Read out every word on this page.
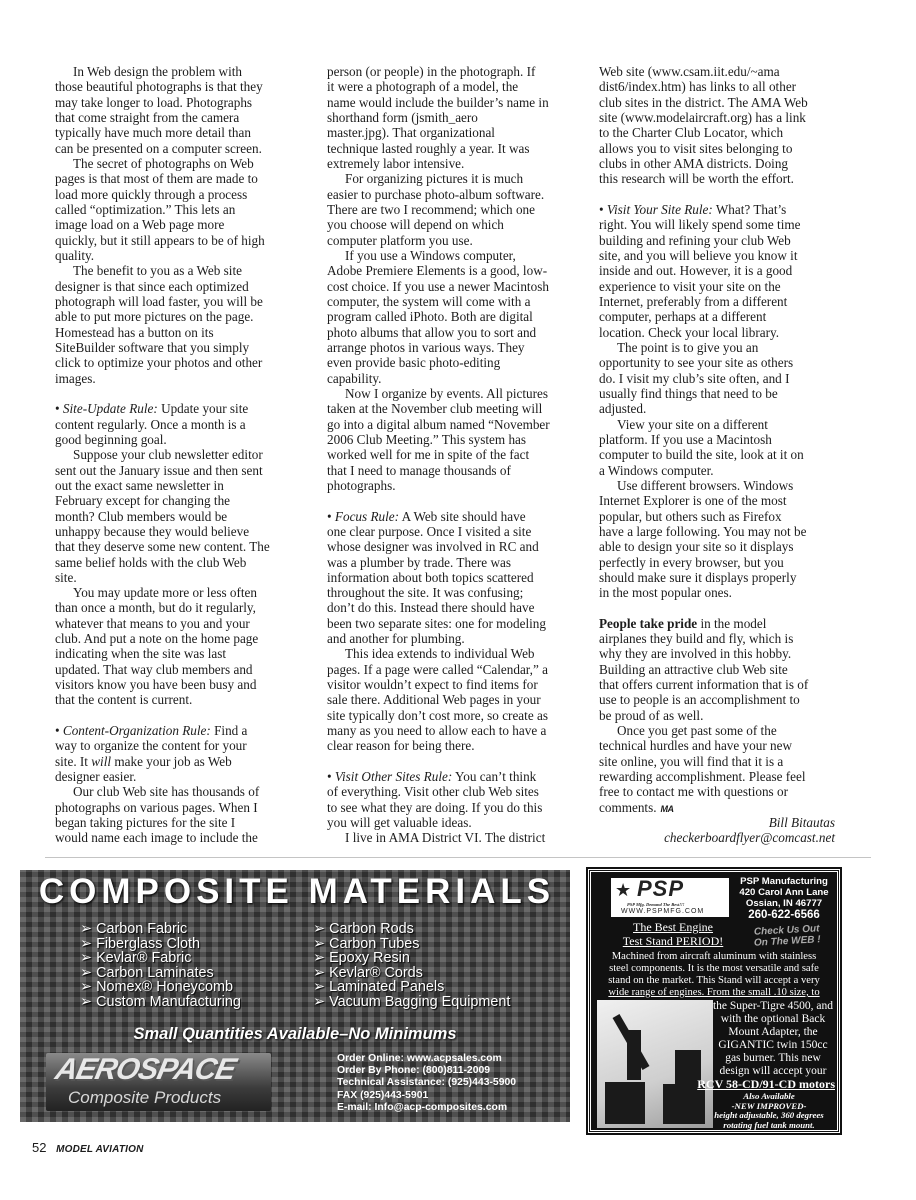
In Web design the problem with
those beautiful photographs is that they
may take longer to load. Photographs
that come straight from the camera
typically have much more detail than
can be presented on a computer screen.
The secret of photographs on Web
pages is that most of them are made to
load more quickly through a process
called “optimization.” This lets an
image load on a Web page more
quickly, but it still appears to be of high
quality.
The benefit to you as a Web site
designer is that since each optimized
photograph will load faster, you will be
able to put more pictures on the page.
Homestead has a button on its
SiteBuilder software that you simply
click to optimize your photos and other
images.
• Site-Update Rule: Update your site
content regularly. Once a month is a
good beginning goal.
Suppose your club newsletter editor
sent out the January issue and then sent
out the exact same newsletter in
February except for changing the
month? Club members would be
unhappy because they would believe
that they deserve some new content. The
same belief holds with the club Web
site.
You may update more or less often
than once a month, but do it regularly,
whatever that means to you and your
club. And put a note on the home page
indicating when the site was last
updated. That way club members and
visitors know you have been busy and
that the content is current.
• Content-Organization Rule: Find a
way to organize the content for your
site. It will make your job as Web
designer easier.
Our club Web site has thousands of
photographs on various pages. When I
began taking pictures for the site I
would name each image to include the
person (or people) in the photograph. If
it were a photograph of a model, the
name would include the builder’s name in
shorthand form (jsmith_aero
master.jpg). That organizational
technique lasted roughly a year. It was
extremely labor intensive.
For organizing pictures it is much
easier to purchase photo-album software.
There are two I recommend; which one
you choose will depend on which
computer platform you use.
If you use a Windows computer,
Adobe Premiere Elements is a good, low-
cost choice. If you use a newer Macintosh
computer, the system will come with a
program called iPhoto. Both are digital
photo albums that allow you to sort and
arrange photos in various ways. They
even provide basic photo-editing
capability.
Now I organize by events. All pictures
taken at the November club meeting will
go into a digital album named “November
2006 Club Meeting.” This system has
worked well for me in spite of the fact
that I need to manage thousands of
photographs.
• Focus Rule: A Web site should have
one clear purpose. Once I visited a site
whose designer was involved in RC and
was a plumber by trade. There was
information about both topics scattered
throughout the site. It was confusing;
don’t do this. Instead there should have
been two separate sites: one for modeling
and another for plumbing.
This idea extends to individual Web
pages. If a page were called “Calendar,” a
visitor wouldn’t expect to find items for
sale there. Additional Web pages in your
site typically don’t cost more, so create as
many as you need to allow each to have a
clear reason for being there.
• Visit Other Sites Rule: You can’t think
of everything. Visit other club Web sites
to see what they are doing. If you do this
you will get valuable ideas.
I live in AMA District VI. The district
Web site (www.csam.iit.edu/~ama
dist6/index.htm) has links to all other
club sites in the district. The AMA Web
site (www.modelaircraft.org) has a link
to the Charter Club Locator, which
allows you to visit sites belonging to
clubs in other AMA districts. Doing
this research will be worth the effort.
• Visit Your Site Rule: What? That’s
right. You will likely spend some time
building and refining your club Web
site, and you will believe you know it
inside and out. However, it is a good
experience to visit your site on the
Internet, preferably from a different
computer, perhaps at a different
location. Check your local library.
The point is to give you an
opportunity to see your site as others
do. I visit my club’s site often, and I
usually find things that need to be
adjusted.
View your site on a different
platform. If you use a Macintosh
computer to build the site, look at it on
a Windows computer.
Use different browsers. Windows
Internet Explorer is one of the most
popular, but others such as Firefox
have a large following. You may not be
able to design your site so it displays
perfectly in every browser, but you
should make sure it displays properly
in the most popular ones.
People take pride in the model
airplanes they build and fly, which is
why they are involved in this hobby.
Building an attractive club Web site
that offers current information that is of
use to people is an accomplishment to
be proud of as well.
Once you get past some of the
technical hurdles and have your new
site online, you will find that it is a
rewarding accomplishment. Please feel
free to contact me with questions or
comments. MA
Bill Bitautas
checkerboardflyer@comcast.net
COMPOSITE MATERIALS
➢ Carbon Fabric
➢ Fiberglass Cloth
➢ Kevlar® Fabric
➢ Carbon Laminates
➢ Nomex® Honeycomb
➢ Custom Manufacturing
➢ Carbon Rods
➢ Carbon Tubes
➢ Epoxy Resin
➢ Kevlar® Cords
➢ Laminated Panels
➢ Vacuum Bagging Equipment
Small Quantities Available–No Minimums
AEROSPACE
Composite Products
Order Online: www.acpsales.com
Order By Phone: (800)811-2009
Technical Assistance: (925)443-5900
FAX (925)443-5901
E-mail: Info@acp-composites.com
★ PSP
PSP Mfg. Demand The Best!!!
WWW.PSPMFG.COM
PSP Manufacturing
420 Carol Ann Lane
Ossian, IN 46777
260-622-6566
Check Us Out
On The WEB !
The Best Engine
Test Stand PERIOD!
Machined from aircraft aluminum with stainless
steel components. It is the most versatile and safe
stand on the market. This Stand will accept a very
wide range of engines. From the small .10 size, to
the Super-Tigre 4500, and
with the optional Back
Mount Adapter, the
GIGANTIC twin 150cc
gas burner. This new
design will accept your
RCV 58-CD/91-CD motors
Also Available
-NEW IMPROVED-
height adjustable, 360 degrees
rotating fuel tank mount.
52 MODEL AVIATION
